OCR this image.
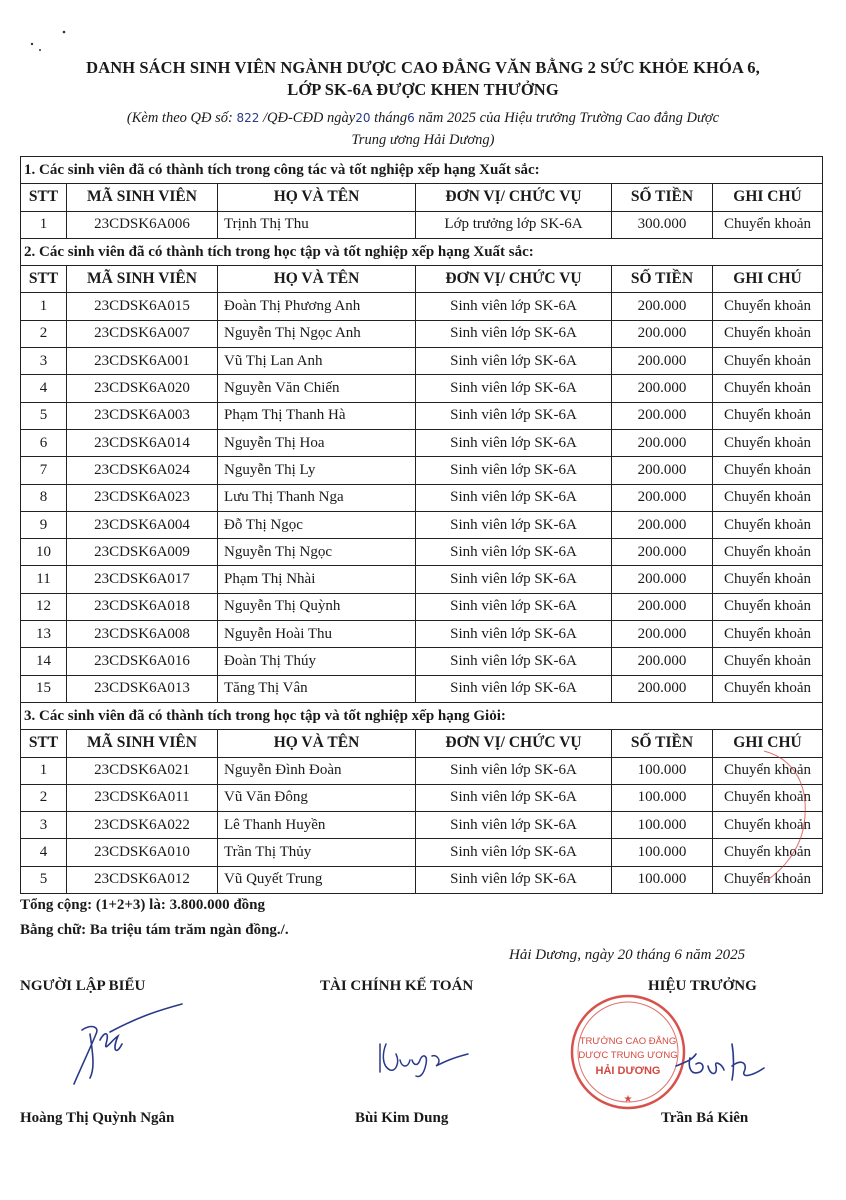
DANH SÁCH SINH VIÊN NGÀNH DƯỢC CAO ĐẲNG VĂN BẰNG 2 SỨC KHỎE KHÓA 6,
LỚP SK-6A ĐƯỢC KHEN THƯỞNG
(Kèm theo QĐ số: 822 /QĐ-CĐD ngày20 tháng6 năm 2025 của Hiệu trưởng Trường Cao đẳng Dược
Trung ương Hải Dương)
1. Các sinh viên đã có thành tích trong công tác và tốt nghiệp xếp hạng Xuất sắc:					
STT	MÃ SINH VIÊN	HỌ VÀ TÊN	ĐƠN VỊ/ CHỨC VỤ	SỐ TIỀN	GHI CHÚ
1	23CDSK6A006	Trịnh Thị Thu	Lớp trưởng lớp SK-6A	300.000	Chuyển khoản
2. Các sinh viên đã có thành tích trong học tập và tốt nghiệp xếp hạng Xuất sắc:					
STT	MÃ SINH VIÊN	HỌ VÀ TÊN	ĐƠN VỊ/ CHỨC VỤ	SỐ TIỀN	GHI CHÚ
1	23CDSK6A015	Đoàn Thị Phương Anh	Sinh viên lớp SK-6A	200.000	Chuyển khoản
2	23CDSK6A007	Nguyễn Thị Ngọc Anh	Sinh viên lớp SK-6A	200.000	Chuyển khoản
3	23CDSK6A001	Vũ Thị Lan Anh	Sinh viên lớp SK-6A	200.000	Chuyển khoản
4	23CDSK6A020	Nguyễn Văn Chiến	Sinh viên lớp SK-6A	200.000	Chuyển khoản
5	23CDSK6A003	Phạm Thị Thanh Hà	Sinh viên lớp SK-6A	200.000	Chuyển khoản
6	23CDSK6A014	Nguyễn Thị Hoa	Sinh viên lớp SK-6A	200.000	Chuyển khoản
7	23CDSK6A024	Nguyễn Thị Ly	Sinh viên lớp SK-6A	200.000	Chuyển khoản
8	23CDSK6A023	Lưu Thị Thanh Nga	Sinh viên lớp SK-6A	200.000	Chuyển khoản
9	23CDSK6A004	Đỗ Thị Ngọc	Sinh viên lớp SK-6A	200.000	Chuyển khoản
10	23CDSK6A009	Nguyễn Thị Ngọc	Sinh viên lớp SK-6A	200.000	Chuyển khoản
11	23CDSK6A017	Phạm Thị Nhài	Sinh viên lớp SK-6A	200.000	Chuyển khoản
12	23CDSK6A018	Nguyễn Thị Quỳnh	Sinh viên lớp SK-6A	200.000	Chuyển khoản
13	23CDSK6A008	Nguyễn Hoài Thu	Sinh viên lớp SK-6A	200.000	Chuyển khoản
14	23CDSK6A016	Đoàn Thị Thúy	Sinh viên lớp SK-6A	200.000	Chuyển khoản
15	23CDSK6A013	Tăng Thị Vân	Sinh viên lớp SK-6A	200.000	Chuyển khoản
3. Các sinh viên đã có thành tích trong học tập và tốt nghiệp xếp hạng Giỏi:					
STT	MÃ SINH VIÊN	HỌ VÀ TÊN	ĐƠN VỊ/ CHỨC VỤ	SỐ TIỀN	GHI CHÚ
1	23CDSK6A021	Nguyễn Đình Đoàn	Sinh viên lớp SK-6A	100.000	Chuyển khoản
2	23CDSK6A011	Vũ Văn Đông	Sinh viên lớp SK-6A	100.000	Chuyển khoản
3	23CDSK6A022	Lê Thanh Huyền	Sinh viên lớp SK-6A	100.000	Chuyển khoản
4	23CDSK6A010	Trần Thị Thủy	Sinh viên lớp SK-6A	100.000	Chuyển khoản
5	23CDSK6A012	Vũ Quyết Trung	Sinh viên lớp SK-6A	100.000	Chuyển khoản
Tổng cộng: (1+2+3) là: 3.800.000 đồng
Bằng chữ: Ba triệu tám trăm ngàn đồng./.
Hải Dương, ngày 20 tháng 6 năm 2025
NGƯỜI LẬP BIỂU	TÀI CHÍNH KẾ TOÁN	HIỆU TRƯỞNG
TRƯỜNG CAO ĐẲNG
DƯỢC TRUNG ƯƠNG
HẢI DƯƠNG
★
Hoàng Thị Quỳnh Ngân	Bùi Kim Dung	Trần Bá Kiên
